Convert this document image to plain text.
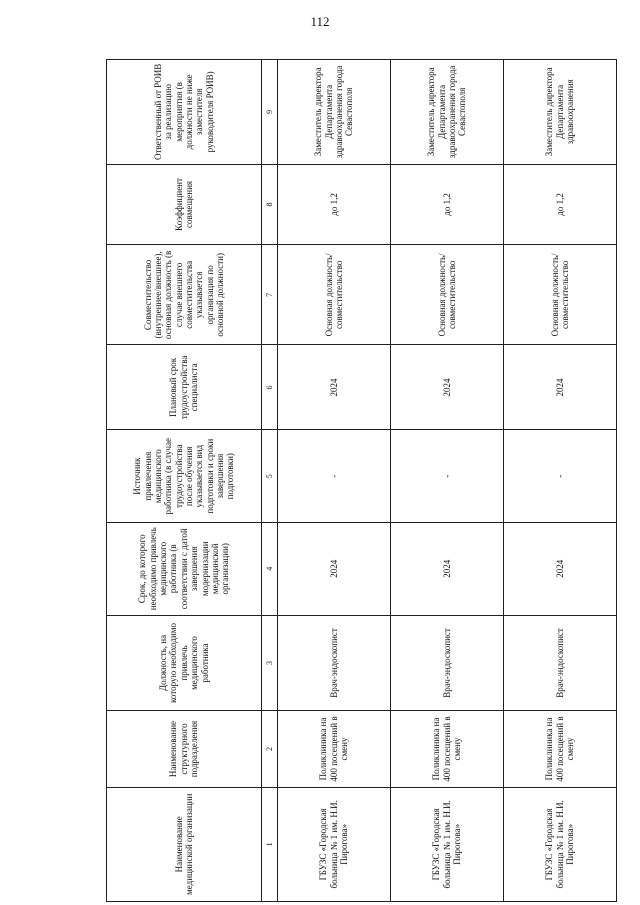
112
Наименование медицинской организации	Наименование структурного подразделения	Должность, на которую необходимо привлечь медицинского работника	Срок, до которого необходимо привлечь медицинского работника (в соответствии с датой завершения модернизации медицинской организации)	Источник привлечения медицинского работника (в случае трудоустройства после обучения указывается вид подготовки и сроки завершения подготовки)	Плановый срок трудоустройства специалиста	Совместительство (внутреннее/внешнее), основная должность (в случае внешнего совместительства указывается организация по основной должности)	Коэффициент совмещения	Ответственный от РОИВ за реализацию мероприятия (в должности не ниже заместителя руководителя РОИВ)
1	2	3	4	5	6	7	8	9
ГБУЗС «Городская больница № 1 им. Н.И. Пирогова»	Поликлиника на 400 посещений в смену	Врач-эндоскопист	2024	-	2024	Основная должность/ совместительство	до 1,2	Заместитель директора Департамента здравоохранения города Севастополя
ГБУЗС «Городская больница № 1 им. Н.И. Пирогова»	Поликлиника на 400 посещений в смену	Врач-эндоскопист	2024	-	2024	Основная должность/ совместительство	до 1,2	Заместитель директора Департамента здравоохранения города Севастополя
ГБУЗС «Городская больница № 1 им. Н.И. Пирогова»	Поликлиника на 400 посещений в смену	Врач-эндоскопист	2024	-	2024	Основная должность/ совместительство	до 1,2	Заместитель директора Департамента здравоохранения
